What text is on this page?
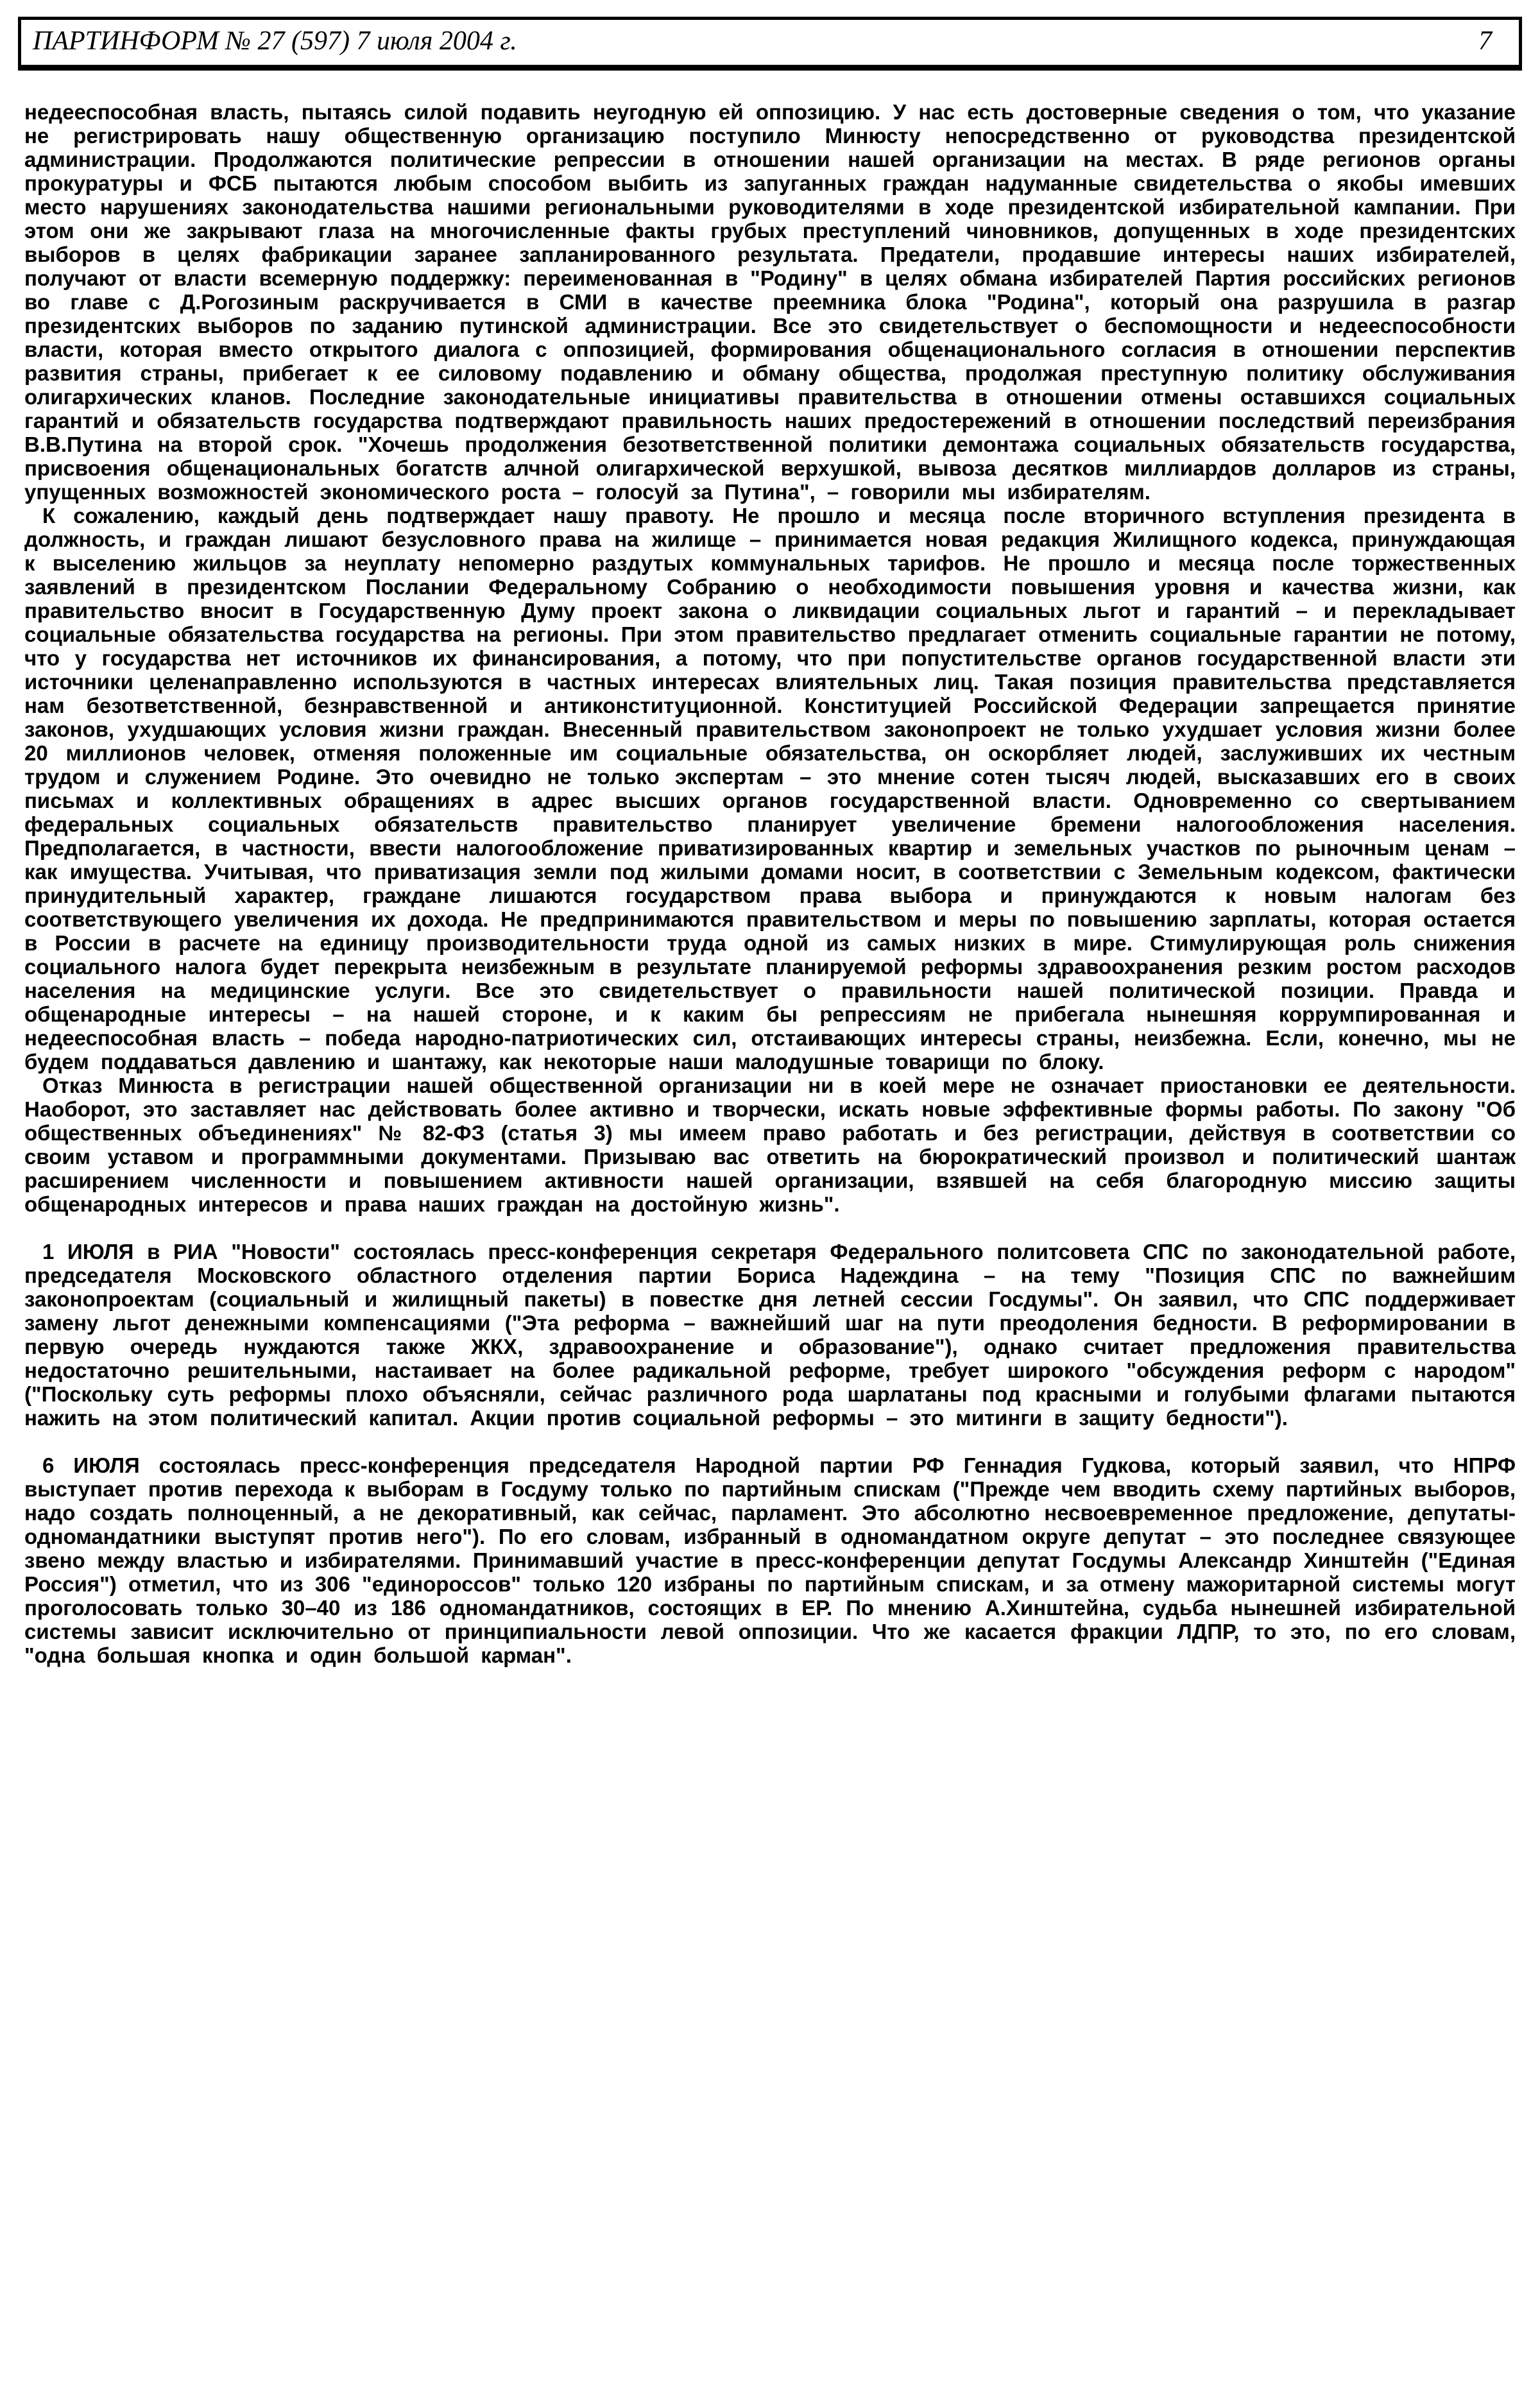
ПАРТИНФОРМ № 27 (597) 7 июля 2004 г.	7

недееспособная власть, пытаясь силой подавить неугодную ей оппозицию. У нас есть достоверные сведения о том, что указание не регистрировать нашу общественную организацию поступило Минюсту непосредственно от руководства президентской администрации. Продолжаются политические репрессии в отношении нашей организации на местах. В ряде регионов органы прокуратуры и ФСБ пытаются любым способом выбить из запуганных граждан надуманные свидетельства о якобы имевших место нарушениях законодательства нашими региональными руководителями в ходе президентской избирательной кампании. При этом они же закрывают глаза на многочисленные факты грубых преступлений чиновников, допущенных в ходе президентских выборов в целях фабрикации заранее запланированного результата. Предатели, продавшие интересы наших избирателей, получают от власти всемерную поддержку: переименованная в "Родину" в целях обмана избирателей Партия российских регионов во главе с Д.Рогозиным раскручивается в СМИ в качестве преемника блока "Родина", который она разрушила в разгар президентских выборов по заданию путинской администрации. Все это свидетельствует о беспомощности и недееспособности власти, которая вместо открытого диалога с оппозицией, формирования общенационального согласия в отношении перспектив развития страны, прибегает к ее силовому подавлению и обману общества, продолжая преступную политику обслуживания олигархических кланов. Последние законодательные инициативы правительства в отношении отмены оставшихся социальных гарантий и обязательств государства подтверждают правильность наших предостережений в отношении последствий переизбрания В.В.Путина на второй срок. "Хочешь продолжения безответственной политики демонтажа социальных обязательств государства, присвоения общенациональных богатств алчной олигархической верхушкой, вывоза десятков миллиардов долларов из страны, упущенных возможностей экономического роста – голосуй за Путина", – говорили мы избирателям.

К сожалению, каждый день подтверждает нашу правоту. Не прошло и месяца после вторичного вступления президента в должность, и граждан лишают безусловного права на жилище – принимается новая редакция Жилищного кодекса, принуждающая к выселению жильцов за неуплату непомерно раздутых коммунальных тарифов. Не прошло и месяца после торжественных заявлений в президентском Послании Федеральному Собранию о необходимости повышения уровня и качества жизни, как правительство вносит в Государственную Думу проект закона о ликвидации социальных льгот и гарантий – и перекладывает социальные обязательства государства на регионы. При этом правительство предлагает отменить социальные гарантии не потому, что у государства нет источников их финансирования, а потому, что при попустительстве органов государственной власти эти источники целенаправленно используются в частных интересах влиятельных лиц. Такая позиция правительства представляется нам безответственной, безнравственной и антиконституционной. Конституцией Российской Федерации запрещается принятие законов, ухудшающих условия жизни граждан. Внесенный правительством законопроект не только ухудшает условия жизни более 20 миллионов человек, отменяя положенные им социальные обязательства, он оскорбляет людей, заслуживших их честным трудом и служением Родине. Это очевидно не только экспертам – это мнение сотен тысяч людей, высказавших его в своих письмах и коллективных обращениях в адрес высших органов государственной власти. Одновременно со свертыванием федеральных социальных обязательств правительство планирует увеличение бремени налогообложения населения. Предполагается, в частности, ввести налогообложение приватизированных квартир и земельных участков по рыночным ценам – как имущества. Учитывая, что приватизация земли под жилыми домами носит, в соответствии с Земельным кодексом, фактически принудительный характер, граждане лишаются государством права выбора и принуждаются к новым налогам без соответствующего увеличения их дохода. Не предпринимаются правительством и меры по повышению зарплаты, которая остается в России в расчете на единицу производительности труда одной из самых низких в мире. Стимулирующая роль снижения социального налога будет перекрыта неизбежным в результате планируемой реформы здравоохранения резким ростом расходов населения на медицинские услуги. Все это свидетельствует о правильности нашей политической позиции. Правда и общенародные интересы – на нашей стороне, и к каким бы репрессиям не прибегала нынешняя коррумпированная и недееспособная власть – победа народно-патриотических сил, отстаивающих интересы страны, неизбежна. Если, конечно, мы не будем поддаваться давлению и шантажу, как некоторые наши малодушные товарищи по блоку.

Отказ Минюста в регистрации нашей общественной организации ни в коей мере не означает приостановки ее деятельности. Наоборот, это заставляет нас действовать более активно и творчески, искать новые эффективные формы работы. По закону "Об общественных объединениях" № 82-ФЗ (статья 3) мы имеем право работать и без регистрации, действуя в соответствии со своим уставом и программными документами. Призываю вас ответить на бюрократический произвол и политический шантаж расширением численности и повышением активности нашей организации, взявшей на себя благородную миссию защиты общенародных интересов и права наших граждан на достойную жизнь".

1 ИЮЛЯ в РИА "Новости" состоялась пресс-конференция секретаря Федерального политсовета СПС по законодательной работе, председателя Московского областного отделения партии Бориса Надеждина – на тему "Позиция СПС по важнейшим законопроектам (социальный и жилищный пакеты) в повестке дня летней сессии Госдумы". Он заявил, что СПС поддерживает замену льгот денежными компенсациями ("Эта реформа – важнейший шаг на пути преодоления бедности. В реформировании в первую очередь нуждаются также ЖКХ, здравоохранение и образование"), однако считает предложения правительства недостаточно решительными, настаивает на более радикальной реформе, требует широкого "обсуждения реформ с народом" ("Поскольку суть реформы плохо объясняли, сейчас различного рода шарлатаны под красными и голубыми флагами пытаются нажить на этом политический капитал. Акции против социальной реформы – это митинги в защиту бедности").

6 ИЮЛЯ состоялась пресс-конференция председателя Народной партии РФ Геннадия Гудкова, который заявил, что НПРФ выступает против перехода к выборам в Госдуму только по партийным спискам ("Прежде чем вводить схему партийных выборов, надо создать полноценный, а не декоративный, как сейчас, парламент. Это абсолютно несвоевременное предложение, депутаты-одномандатники выступят против него"). По его словам, избранный в одномандатном округе депутат – это последнее связующее звено между властью и избирателями. Принимавший участие в пресс-конференции депутат Госдумы Александр Хинштейн ("Единая Россия") отметил, что из 306 "единороссов" только 120 избраны по партийным спискам, и за отмену мажоритарной системы могут проголосовать только 30–40 из 186 одномандатников, состоящих в ЕР. По мнению А.Хинштейна, судьба нынешней избирательной системы зависит исключительно от принципиальности левой оппозиции. Что же касается фракции ЛДПР, то это, по его словам, "одна большая кнопка и один большой карман".
